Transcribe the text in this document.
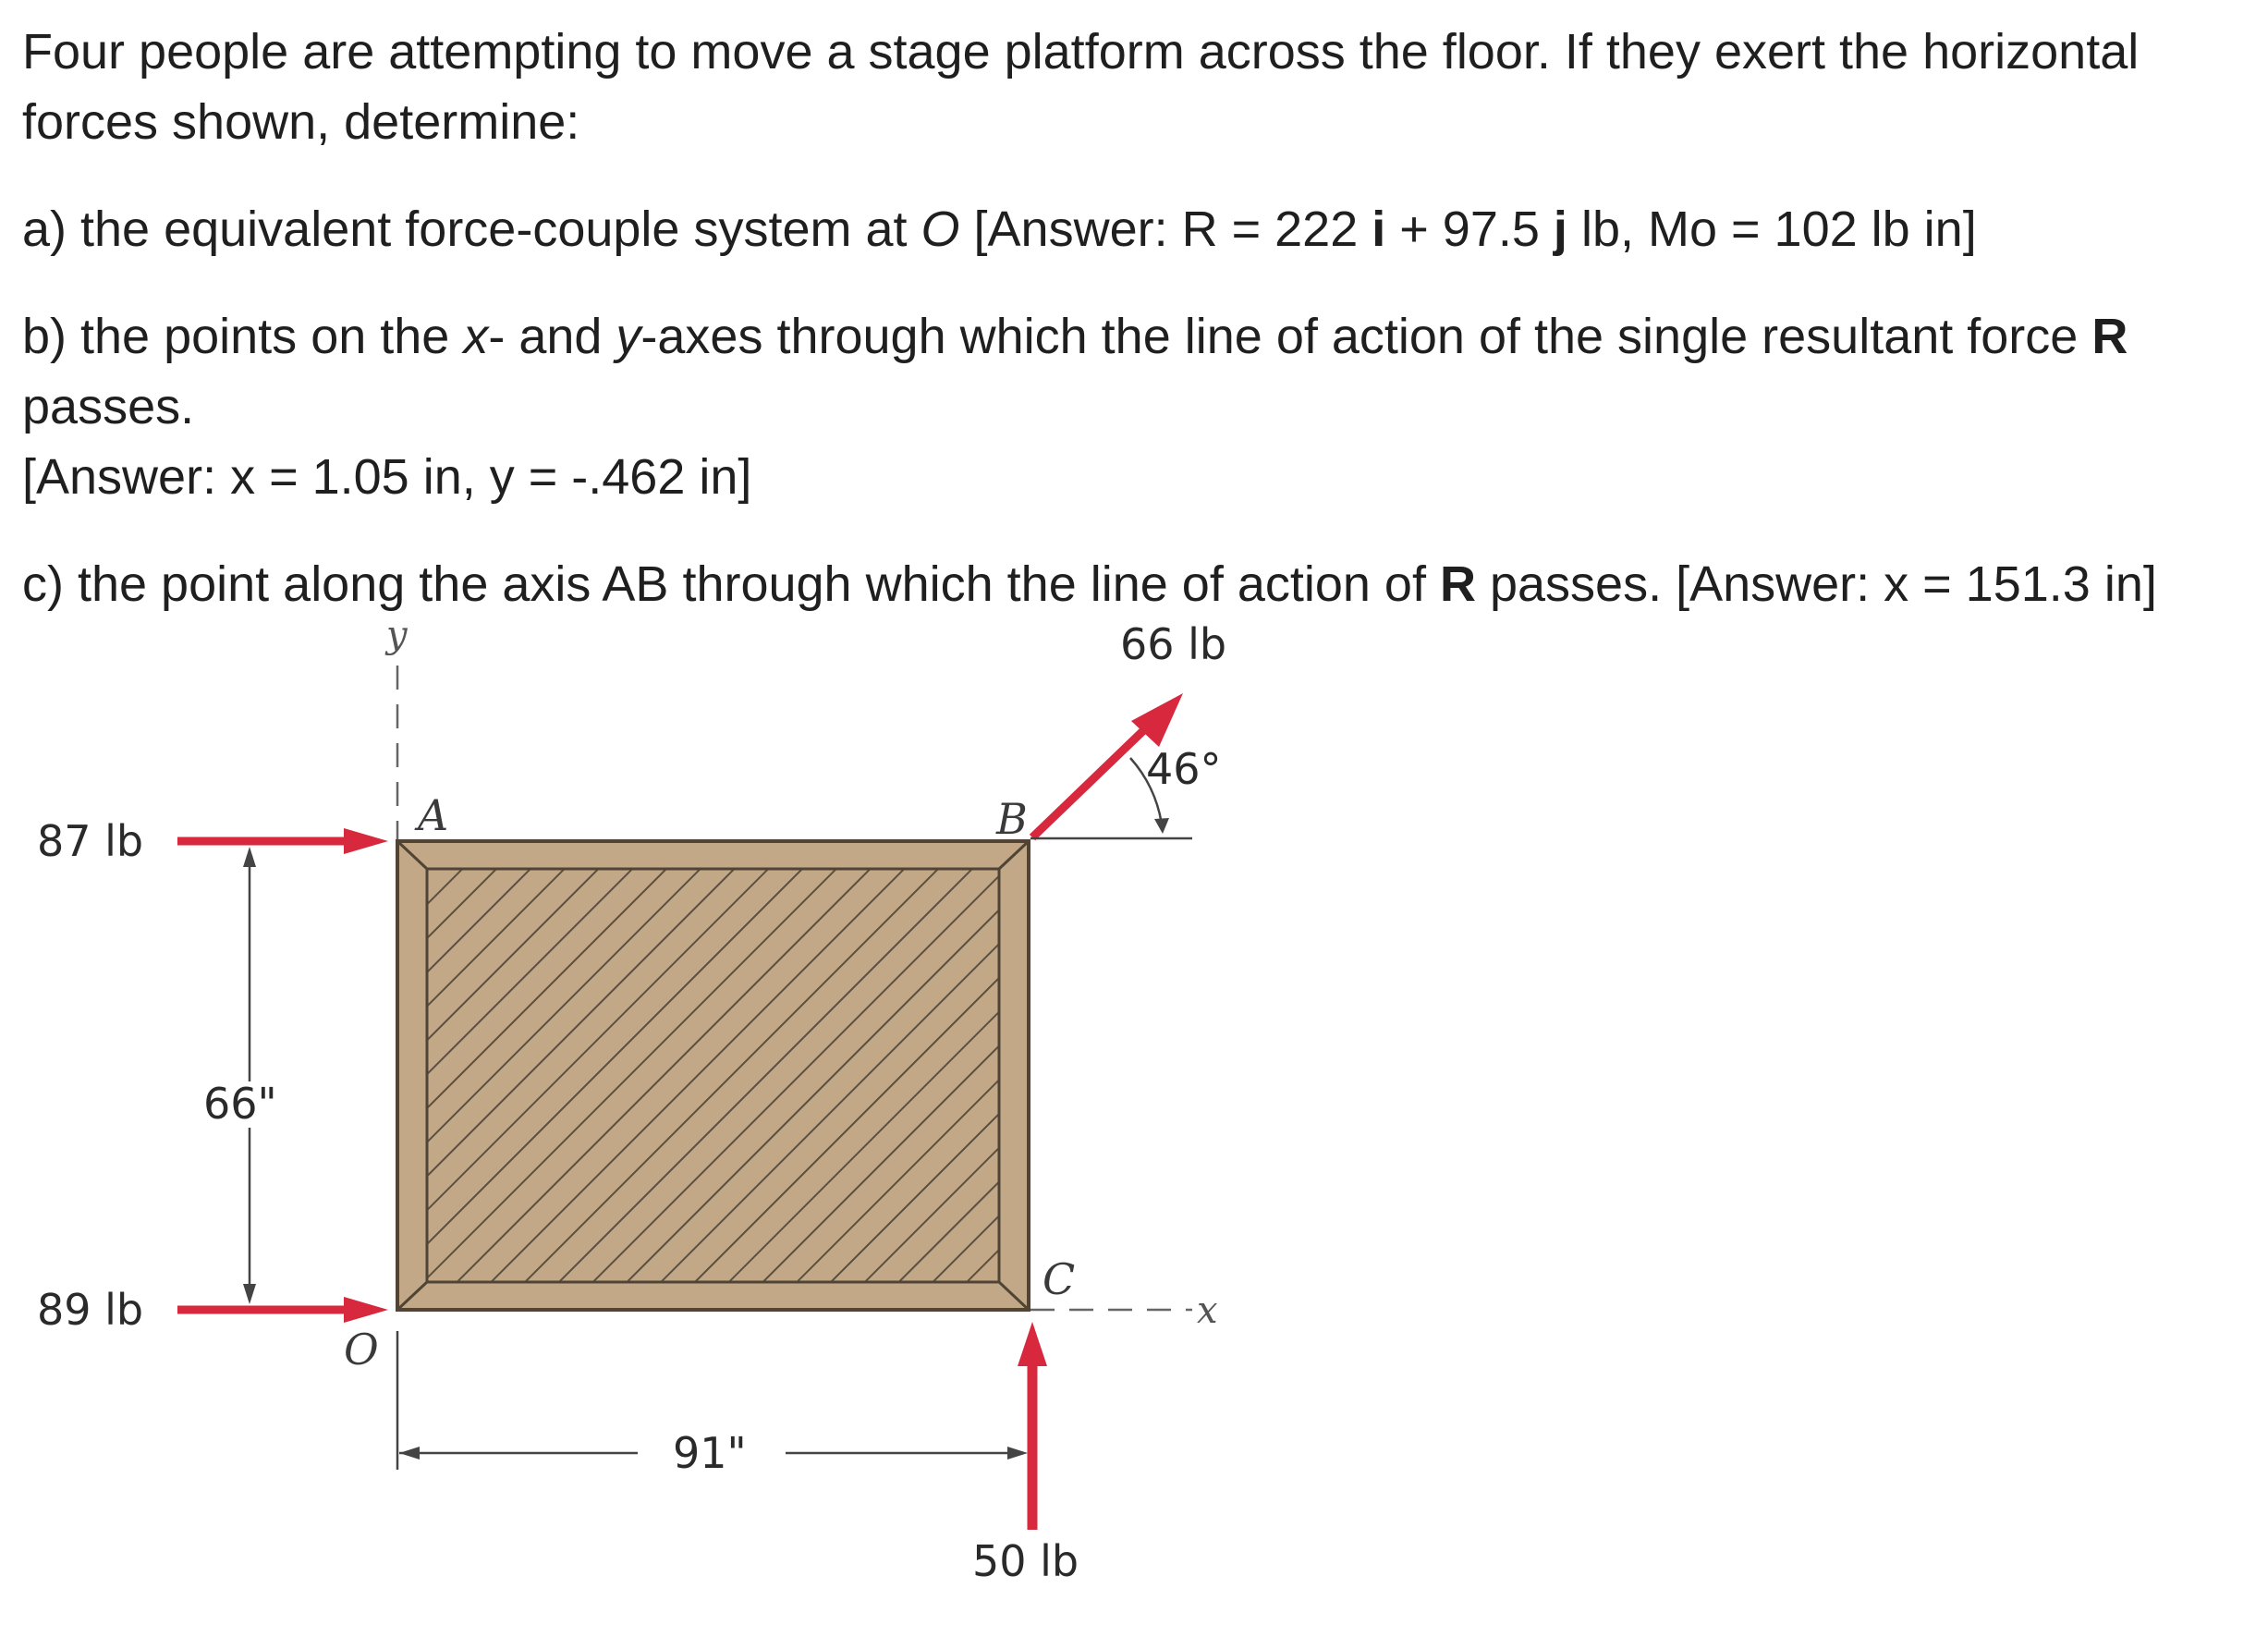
Four people are attempting to move a stage platform across the floor. If they exert the horizontal forces shown, determine:

a) the equivalent force-couple system at O [Answer: R = 222 i + 97.5 j lb, Mo = 102 lb in]

b) the points on the x- and y-axes through which the line of action of the single resultant force R passes.
[Answer: x = 1.05 in, y = -.462 in]

c) the point along the axis AB through which the line of action of R passes. [Answer: x = 151.3 in]

y
x
A	B
C
O
87 lb
89 lb
50 lb
66 lb
46°
66"
91"
